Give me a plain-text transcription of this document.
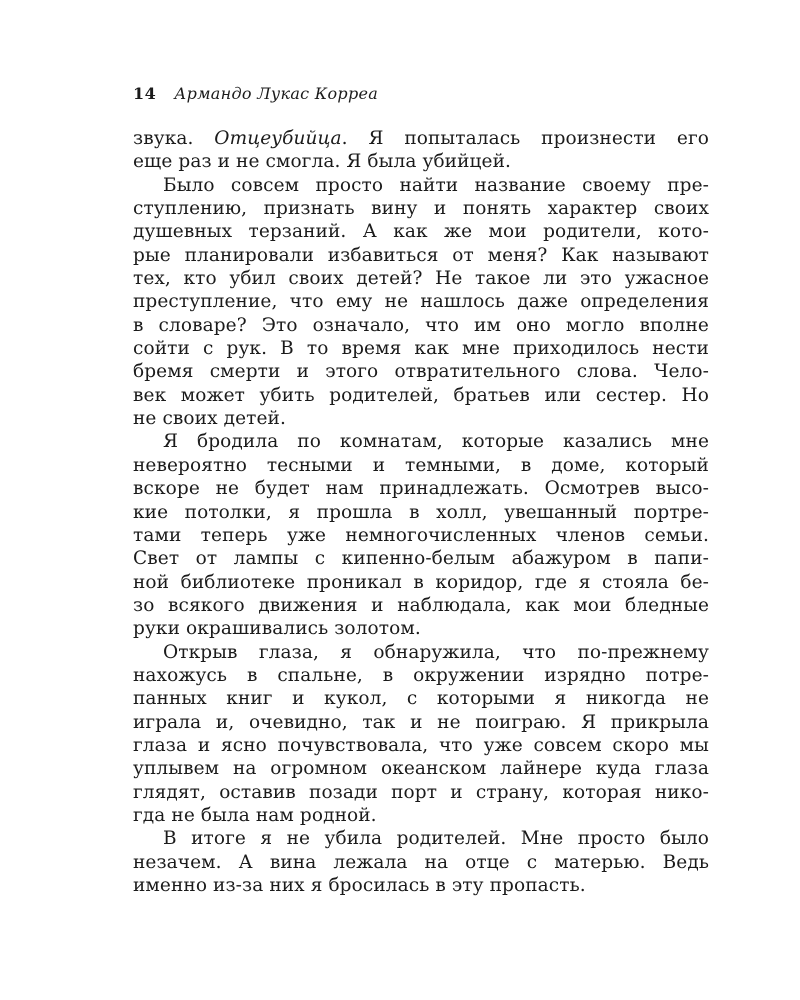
14 Армандо Лукас Корреа
звука. Отцеубийца. Я попыталась произнести его
еще раз и не смогла. Я была убийцей.
Было совсем просто найти название своему пре-
ступлению, признать вину и понять характер своих
душевных терзаний. А как же мои родители, кото-
рые планировали избавиться от меня? Как называют
тех, кто убил своих детей? Не такое ли это ужасное
преступление, что ему не нашлось даже определения
в словаре? Это означало, что им оно могло вполне
сойти с рук. В то время как мне приходилось нести
бремя смерти и этого отвратительного слова. Чело-
век может убить родителей, братьев или сестер. Но
не своих детей.
Я бродила по комнатам, которые казались мне
невероятно тесными и темными, в доме, который
вскоре не будет нам принадлежать. Осмотрев высо-
кие потолки, я прошла в холл, увешанный портре-
тами теперь уже немногочисленных членов семьи.
Свет от лампы с кипенно-белым абажуром в папи-
ной библиотеке проникал в коридор, где я стояла бе-
зо всякого движения и наблюдала, как мои бледные
руки окрашивались золотом.
Открыв глаза, я обнаружила, что по-прежнему
нахожусь в спальне, в окружении изрядно потре-
панных книг и кукол, с которыми я никогда не
играла и, очевидно, так и не поиграю. Я прикрыла
глаза и ясно почувствовала, что уже совсем скоро мы
уплывем на огромном океанском лайнере куда глаза
глядят, оставив позади порт и страну, которая нико-
гда не была нам родной.
В итоге я не убила родителей. Мне просто было
незачем. А вина лежала на отце с матерью. Ведь
именно из-за них я бросилась в эту пропасть.
